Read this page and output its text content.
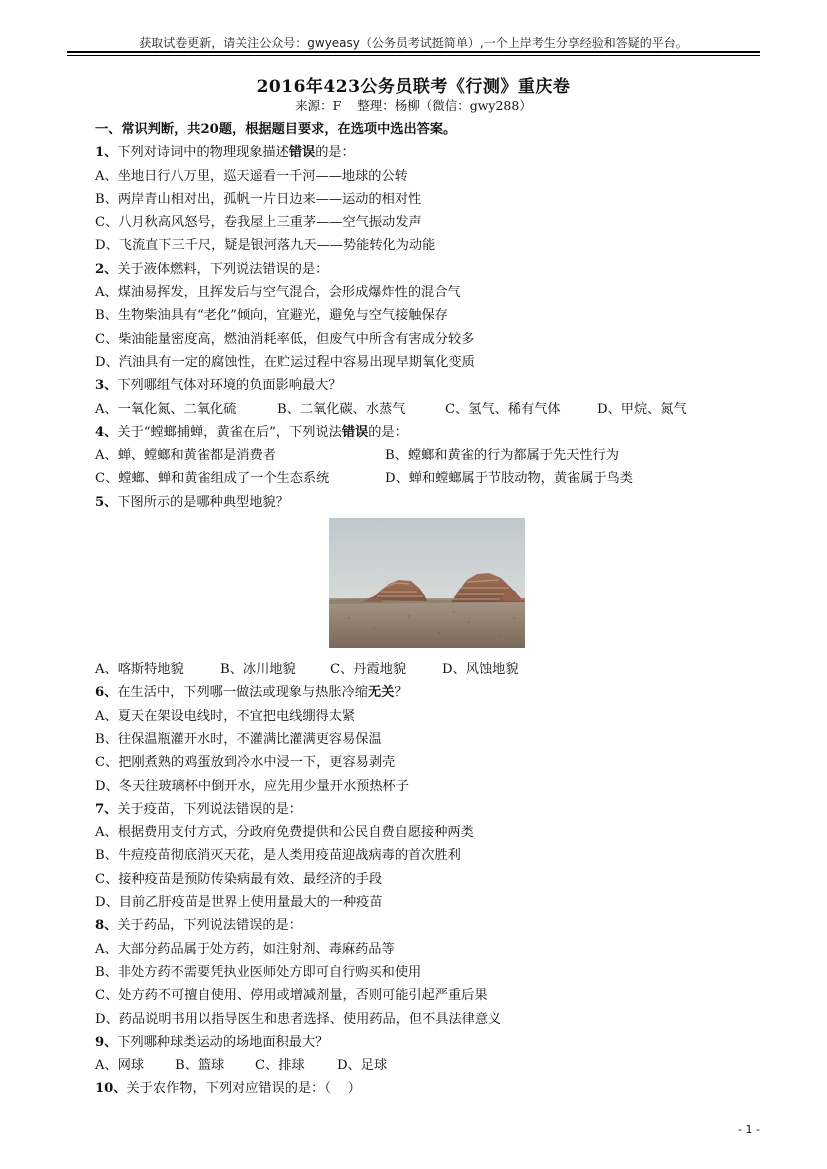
获取试卷更新，请关注公众号：gwyeasy（公务员考试挺简单）,一个上岸考生分享经验和答疑的平台。
2016年423公务员联考《行测》重庆卷
来源：F    整理：杨柳（微信：gwy288）
一、常识判断，共20题，根据题目要求，在选项中选出答案。
1、下列对诗词中的物理现象描述错误的是：
A、坐地日行八万里，巡天遥看一千河——地球的公转
B、两岸青山相对出，孤帆一片日边来——运动的相对性
C、八月秋高风怒号，卷我屋上三重茅——空气振动发声
D、飞流直下三千尺，疑是银河落九天——势能转化为动能
2、关于液体燃料，下列说法错误的是：
A、煤油易挥发，且挥发后与空气混合，会形成爆炸性的混合气
B、生物柴油具有“老化”倾向，宜避光，避免与空气接触保存
C、柴油能量密度高，燃油消耗率低，但废气中所含有害成分较多
D、汽油具有一定的腐蚀性，在贮运过程中容易出现早期氧化变质
3、下列哪组气体对环境的负面影响最大？
A、一氧化氮、二氧化硫	B、二氧化碳、水蒸气	C、氢气、稀有气体	D、甲烷、氮气
4、关于“螳螂捕蝉，黄雀在后”，下列说法错误的是：
A、蝉、螳螂和黄雀都是消费者	B、螳螂和黄雀的行为都属于先天性行为
C、螳螂、蝉和黄雀组成了一个生态系统	D、蝉和螳螂属于节肢动物，黄雀属于鸟类
5、下图所示的是哪种典型地貌？
A、喀斯特地貌	B、冰川地貌	C、丹霞地貌	D、风蚀地貌
6、在生活中，下列哪一做法或现象与热胀冷缩无关？
A、夏天在架设电线时，不宜把电线绷得太紧
B、往保温瓶灌开水时，不灌满比灌满更容易保温
C、把刚煮熟的鸡蛋放到冷水中浸一下，更容易剥壳
D、冬天往玻璃杯中倒开水，应先用少量开水预热杯子
7、关于疫苗，下列说法错误的是：
A、根据费用支付方式，分政府免费提供和公民自费自愿接种两类
B、牛痘疫苗彻底消灭天花，是人类用疫苗迎战病毒的首次胜利
C、接种疫苗是预防传染病最有效、最经济的手段
D、目前乙肝疫苗是世界上使用量最大的一种疫苗
8、关于药品，下列说法错误的是：
A、大部分药品属于处方药，如注射剂、毒麻药品等
B、非处方药不需要凭执业医师处方即可自行购买和使用
C、处方药不可擅自使用、停用或增减剂量，否则可能引起严重后果
D、药品说明书用以指导医生和患者选择、使用药品，但不具法律意义
9、下列哪种球类运动的场地面积最大？
A、网球 B、篮球 C、排球 D、足球
10、关于农作物，下列对应错误的是：（    ）
- 1 -
